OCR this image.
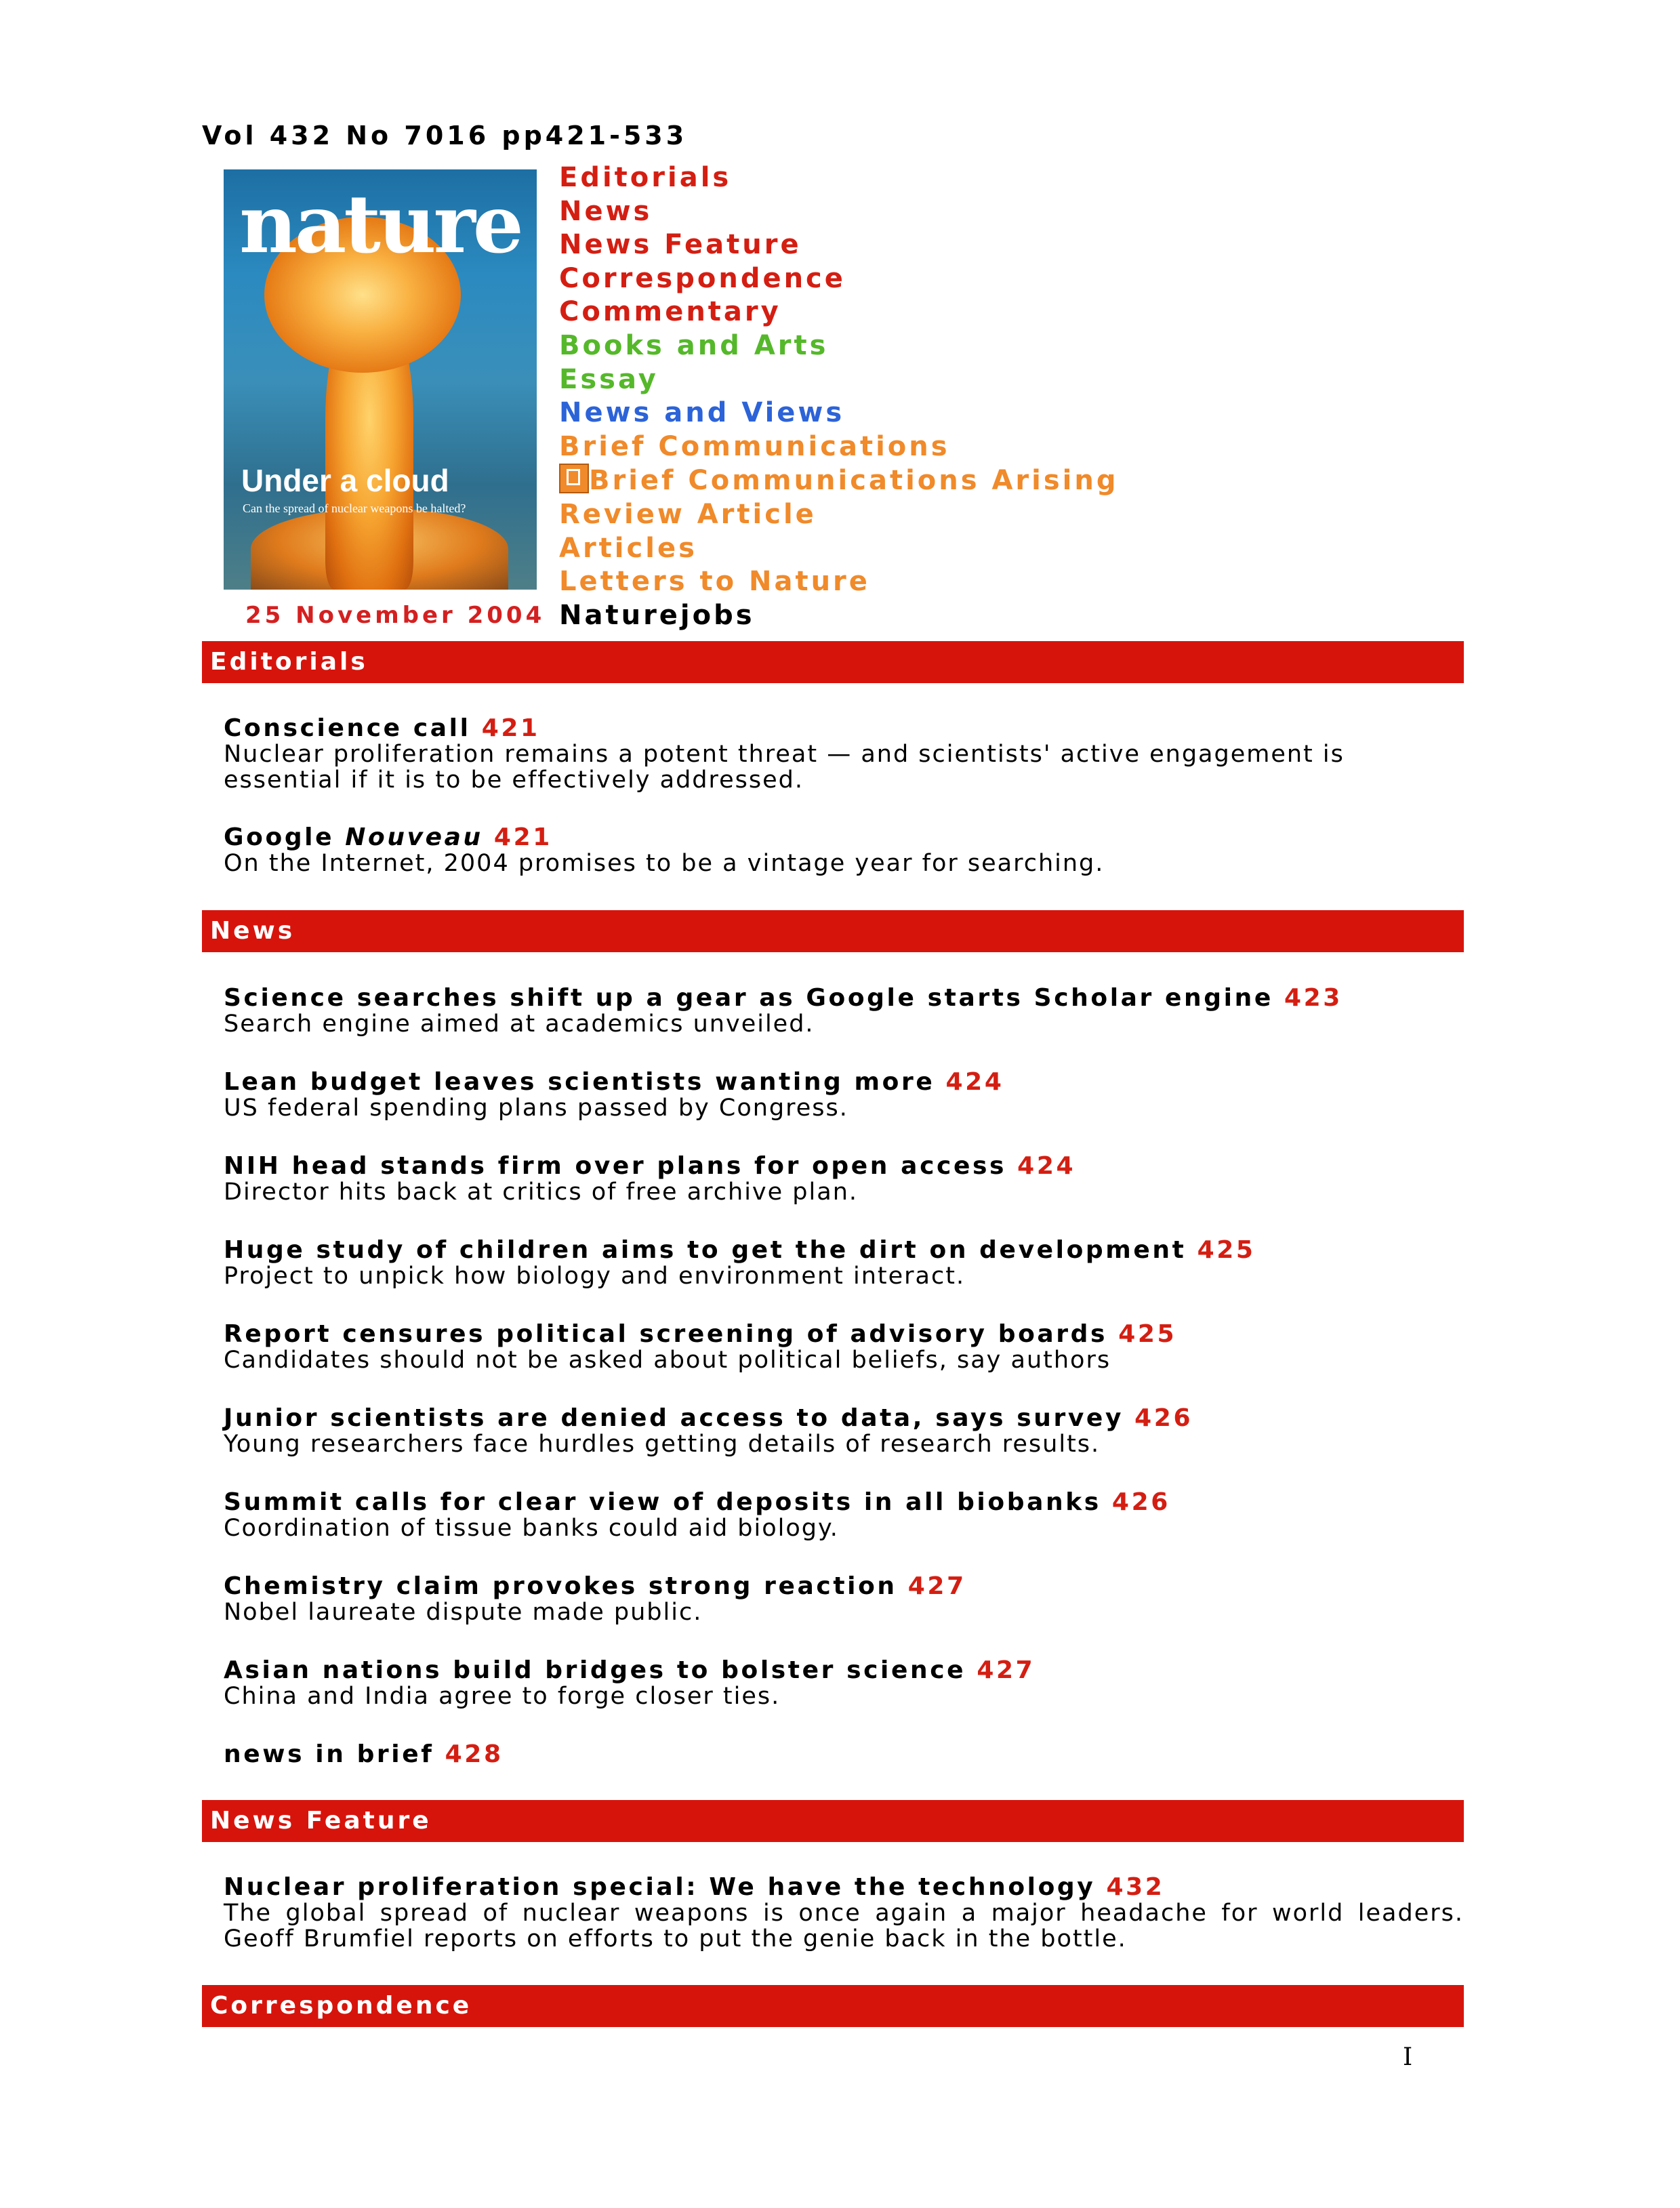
Vol 432 No 7016 pp421-533
nature
Under a cloud
Can the spread of nuclear weapons be halted?
25 November 2004
Editorials
News
News Feature
Correspondence
Commentary
Books and Arts
Essay
News and Views
Brief Communications
Brief Communications Arising
Review Article
Articles
Letters to Nature
Naturejobs
Editorials
Conscience call 421
Nuclear proliferation remains a potent threat — and scientists' active engagement is essential if it is to be effectively addressed.
Google Nouveau 421
On the Internet, 2004 promises to be a vintage year for searching.
News
Science searches shift up a gear as Google starts Scholar engine 423
Search engine aimed at academics unveiled.
Lean budget leaves scientists wanting more 424
US federal spending plans passed by Congress.
NIH head stands firm over plans for open access 424
Director hits back at critics of free archive plan.
Huge study of children aims to get the dirt on development 425
Project to unpick how biology and environment interact.
Report censures political screening of advisory boards 425
Candidates should not be asked about political beliefs, say authors
Junior scientists are denied access to data, says survey 426
Young researchers face hurdles getting details of research results.
Summit calls for clear view of deposits in all biobanks 426
Coordination of tissue banks could aid biology.
Chemistry claim provokes strong reaction 427
Nobel laureate dispute made public.
Asian nations build bridges to bolster science 427
China and India agree to forge closer ties.
news in brief 428
News Feature
Nuclear proliferation special: We have the technology 432
The global spread of nuclear weapons is once again a major headache for world leaders. Geoff Brumfiel reports on efforts to put the genie back in the bottle.
Correspondence
I
